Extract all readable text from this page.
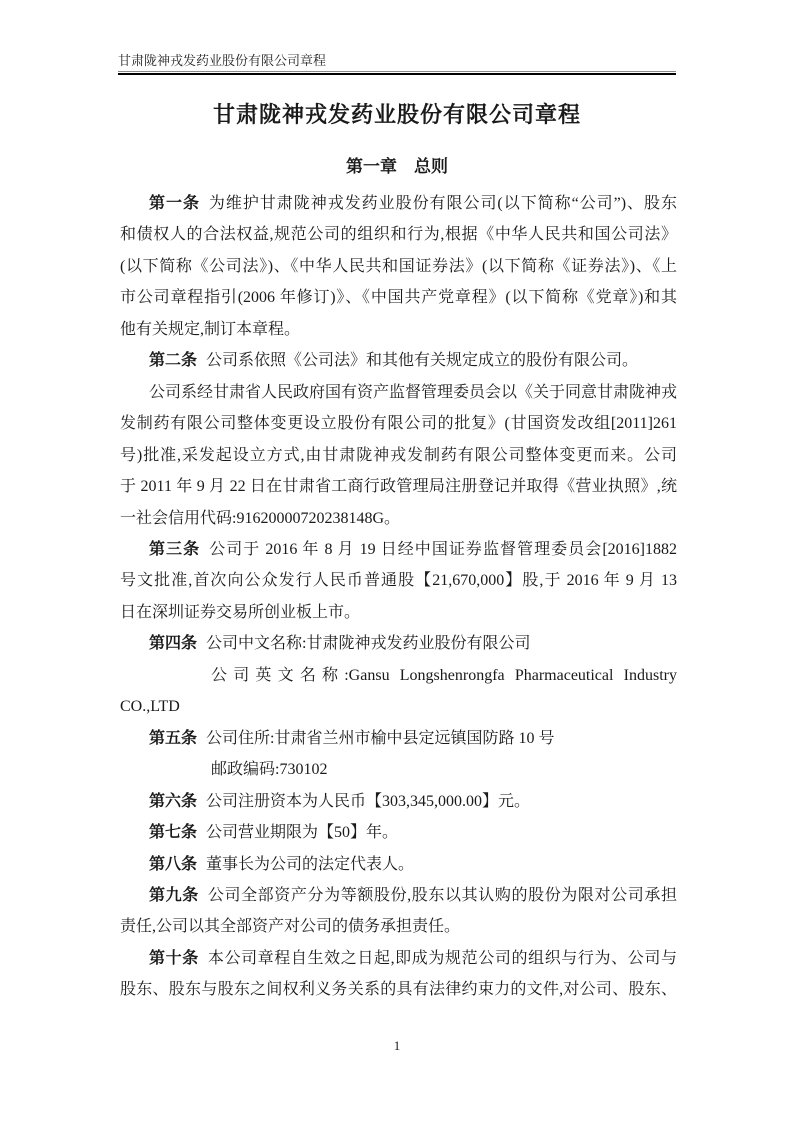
甘肃陇神戎发药业股份有限公司章程
甘肃陇神戎发药业股份有限公司章程
第一章　总则
第一条 为维护甘肃陇神戎发药业股份有限公司(以下简称“公司”)、股东
和债权人的合法权益,规范公司的组织和行为,根据《中华人民共和国公司法》
(以下简称《公司法》)、《中华人民共和国证券法》(以下简称《证券法》)、《上
市公司章程指引(2006 年修订)》、《中国共产党章程》(以下简称《党章》)和其
他有关规定,制订本章程。
第二条 公司系依照《公司法》和其他有关规定成立的股份有限公司。
公司系经甘肃省人民政府国有资产监督管理委员会以《关于同意甘肃陇神戎
发制药有限公司整体变更设立股份有限公司的批复》(甘国资发改组[2011]261
号)批准,采发起设立方式,由甘肃陇神戎发制药有限公司整体变更而来。公司
于 2011 年 9 月 22 日在甘肃省工商行政管理局注册登记并取得《营业执照》,统
一社会信用代码:91620000720238148G。
第三条 公司于 2016 年 8 月 19 日经中国证券监督管理委员会[2016]1882
号文批准,首次向公众发行人民币普通股【21,670,000】股,于 2016 年 9 月 13
日在深圳证券交易所创业板上市。
第四条 公司中文名称:甘肃陇神戎发药业股份有限公司
公司英文名称:Gansu Longshenrongfa Pharmaceutical Industry
CO.,LTD
第五条 公司住所:甘肃省兰州市榆中县定远镇国防路 10 号
邮政编码:730102
第六条 公司注册资本为人民币【303,345,000.00】元。
第七条 公司营业期限为【50】年。
第八条 董事长为公司的法定代表人。
第九条 公司全部资产分为等额股份,股东以其认购的股份为限对公司承担
责任,公司以其全部资产对公司的债务承担责任。
第十条 本公司章程自生效之日起,即成为规范公司的组织与行为、公司与
股东、股东与股东之间权利义务关系的具有法律约束力的文件,对公司、股东、
1
